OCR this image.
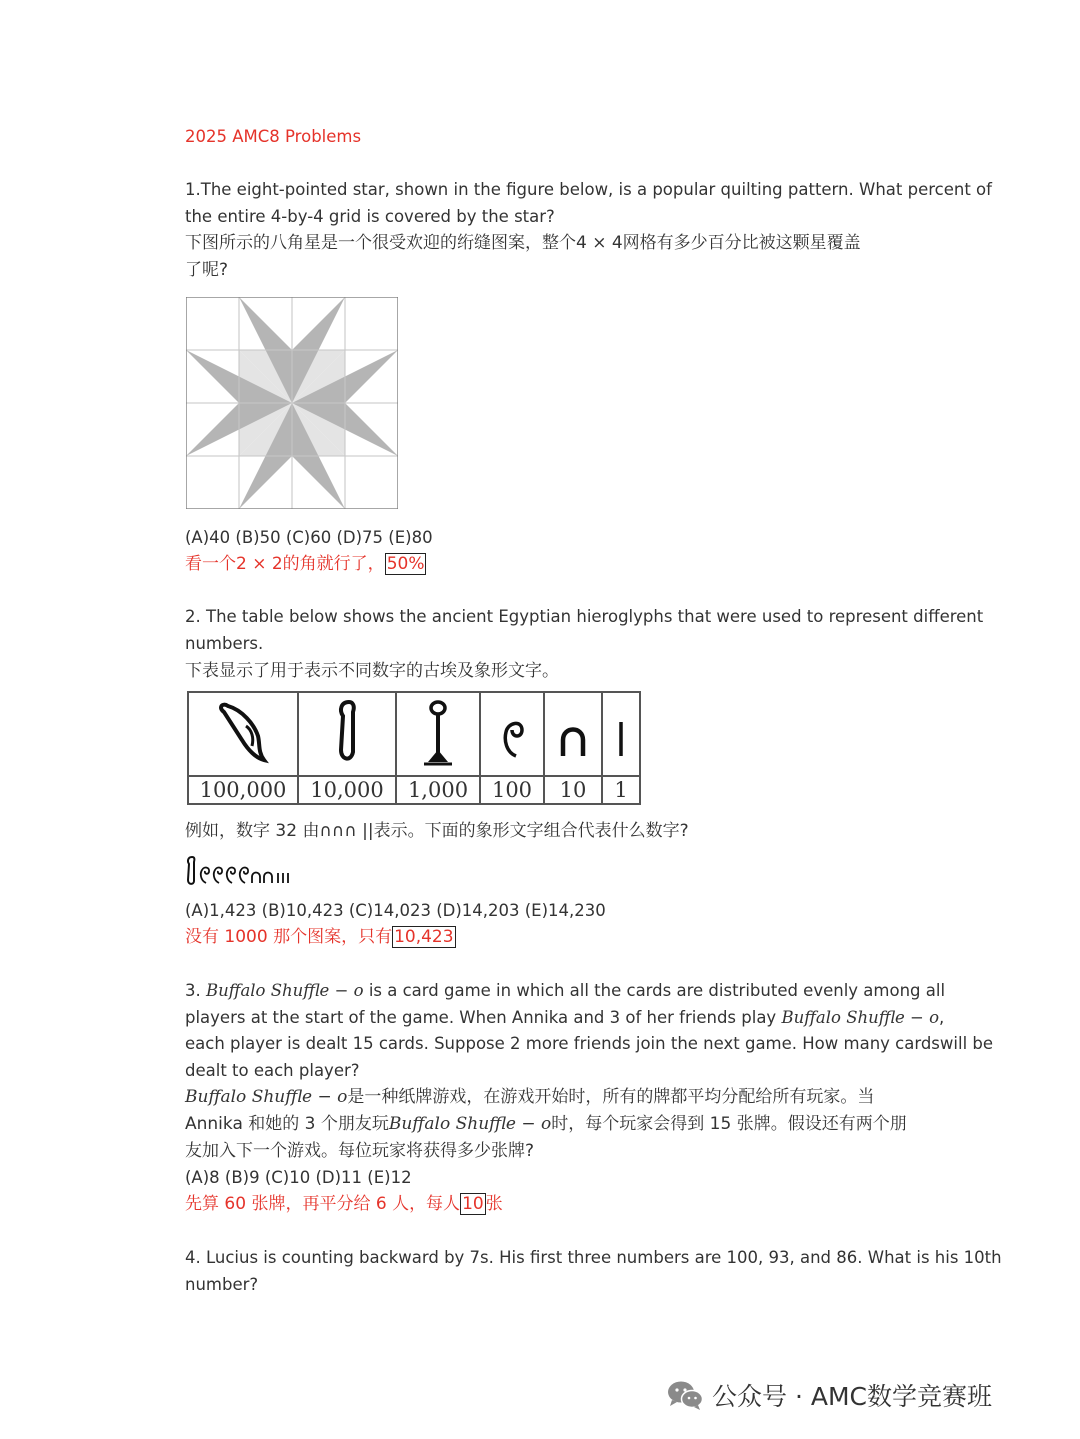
2025 AMC8 Problems
1.The eight-pointed star, shown in the figure below, is a popular quilting pattern. What percent of
the entire 4-by-4 grid is covered by the star?
下图所示的八角星是一个很受欢迎的绗缝图案，整个4 × 4网格有多少百分比被这颗星覆盖
了呢?
(A)40 (B)50 (C)60 (D)75 (E)80
看一个2 × 2的角就行了， 50%
2. The table below shows the ancient Egyptian hieroglyphs that were used to represent different
numbers.
下表显示了用于表示不同数字的古埃及象形文字。

100,000	10,000	1,000	100	10	1
例如，数字 32 由∩∩∩ ||表示。下面的象形文字组合代表什么数字?
(A)1,423 (B)10,423 (C)14,023 (D)14,203 (E)14,230
没有 1000 那个图案，只有 10,423
3. Buffalo Shuffle − o is a card game in which all the cards are distributed evenly among all
players at the start of the game. When Annika and 3 of her friends play Buffalo Shuffle − o,
each player is dealt 15 cards. Suppose 2 more friends join the next game. How many cardswill be
dealt to each player?
Buffalo Shuffle − o是一种纸牌游戏，在游戏开始时，所有的牌都平均分配给所有玩家。当
Annika 和她的 3 个朋友玩Buffalo Shuffle − o时，每个玩家会得到 15 张牌。假设还有两个朋
友加入下一个游戏。每位玩家将获得多少张牌?
(A)8 (B)9 (C)10 (D)11 (E)12
先算 60 张牌，再平分给 6 人，每人 10 张
4. Lucius is counting backward by 7s. His first three numbers are 100, 93, and 86. What is his 10th
number?
公众号 · AMC数学竞赛班
